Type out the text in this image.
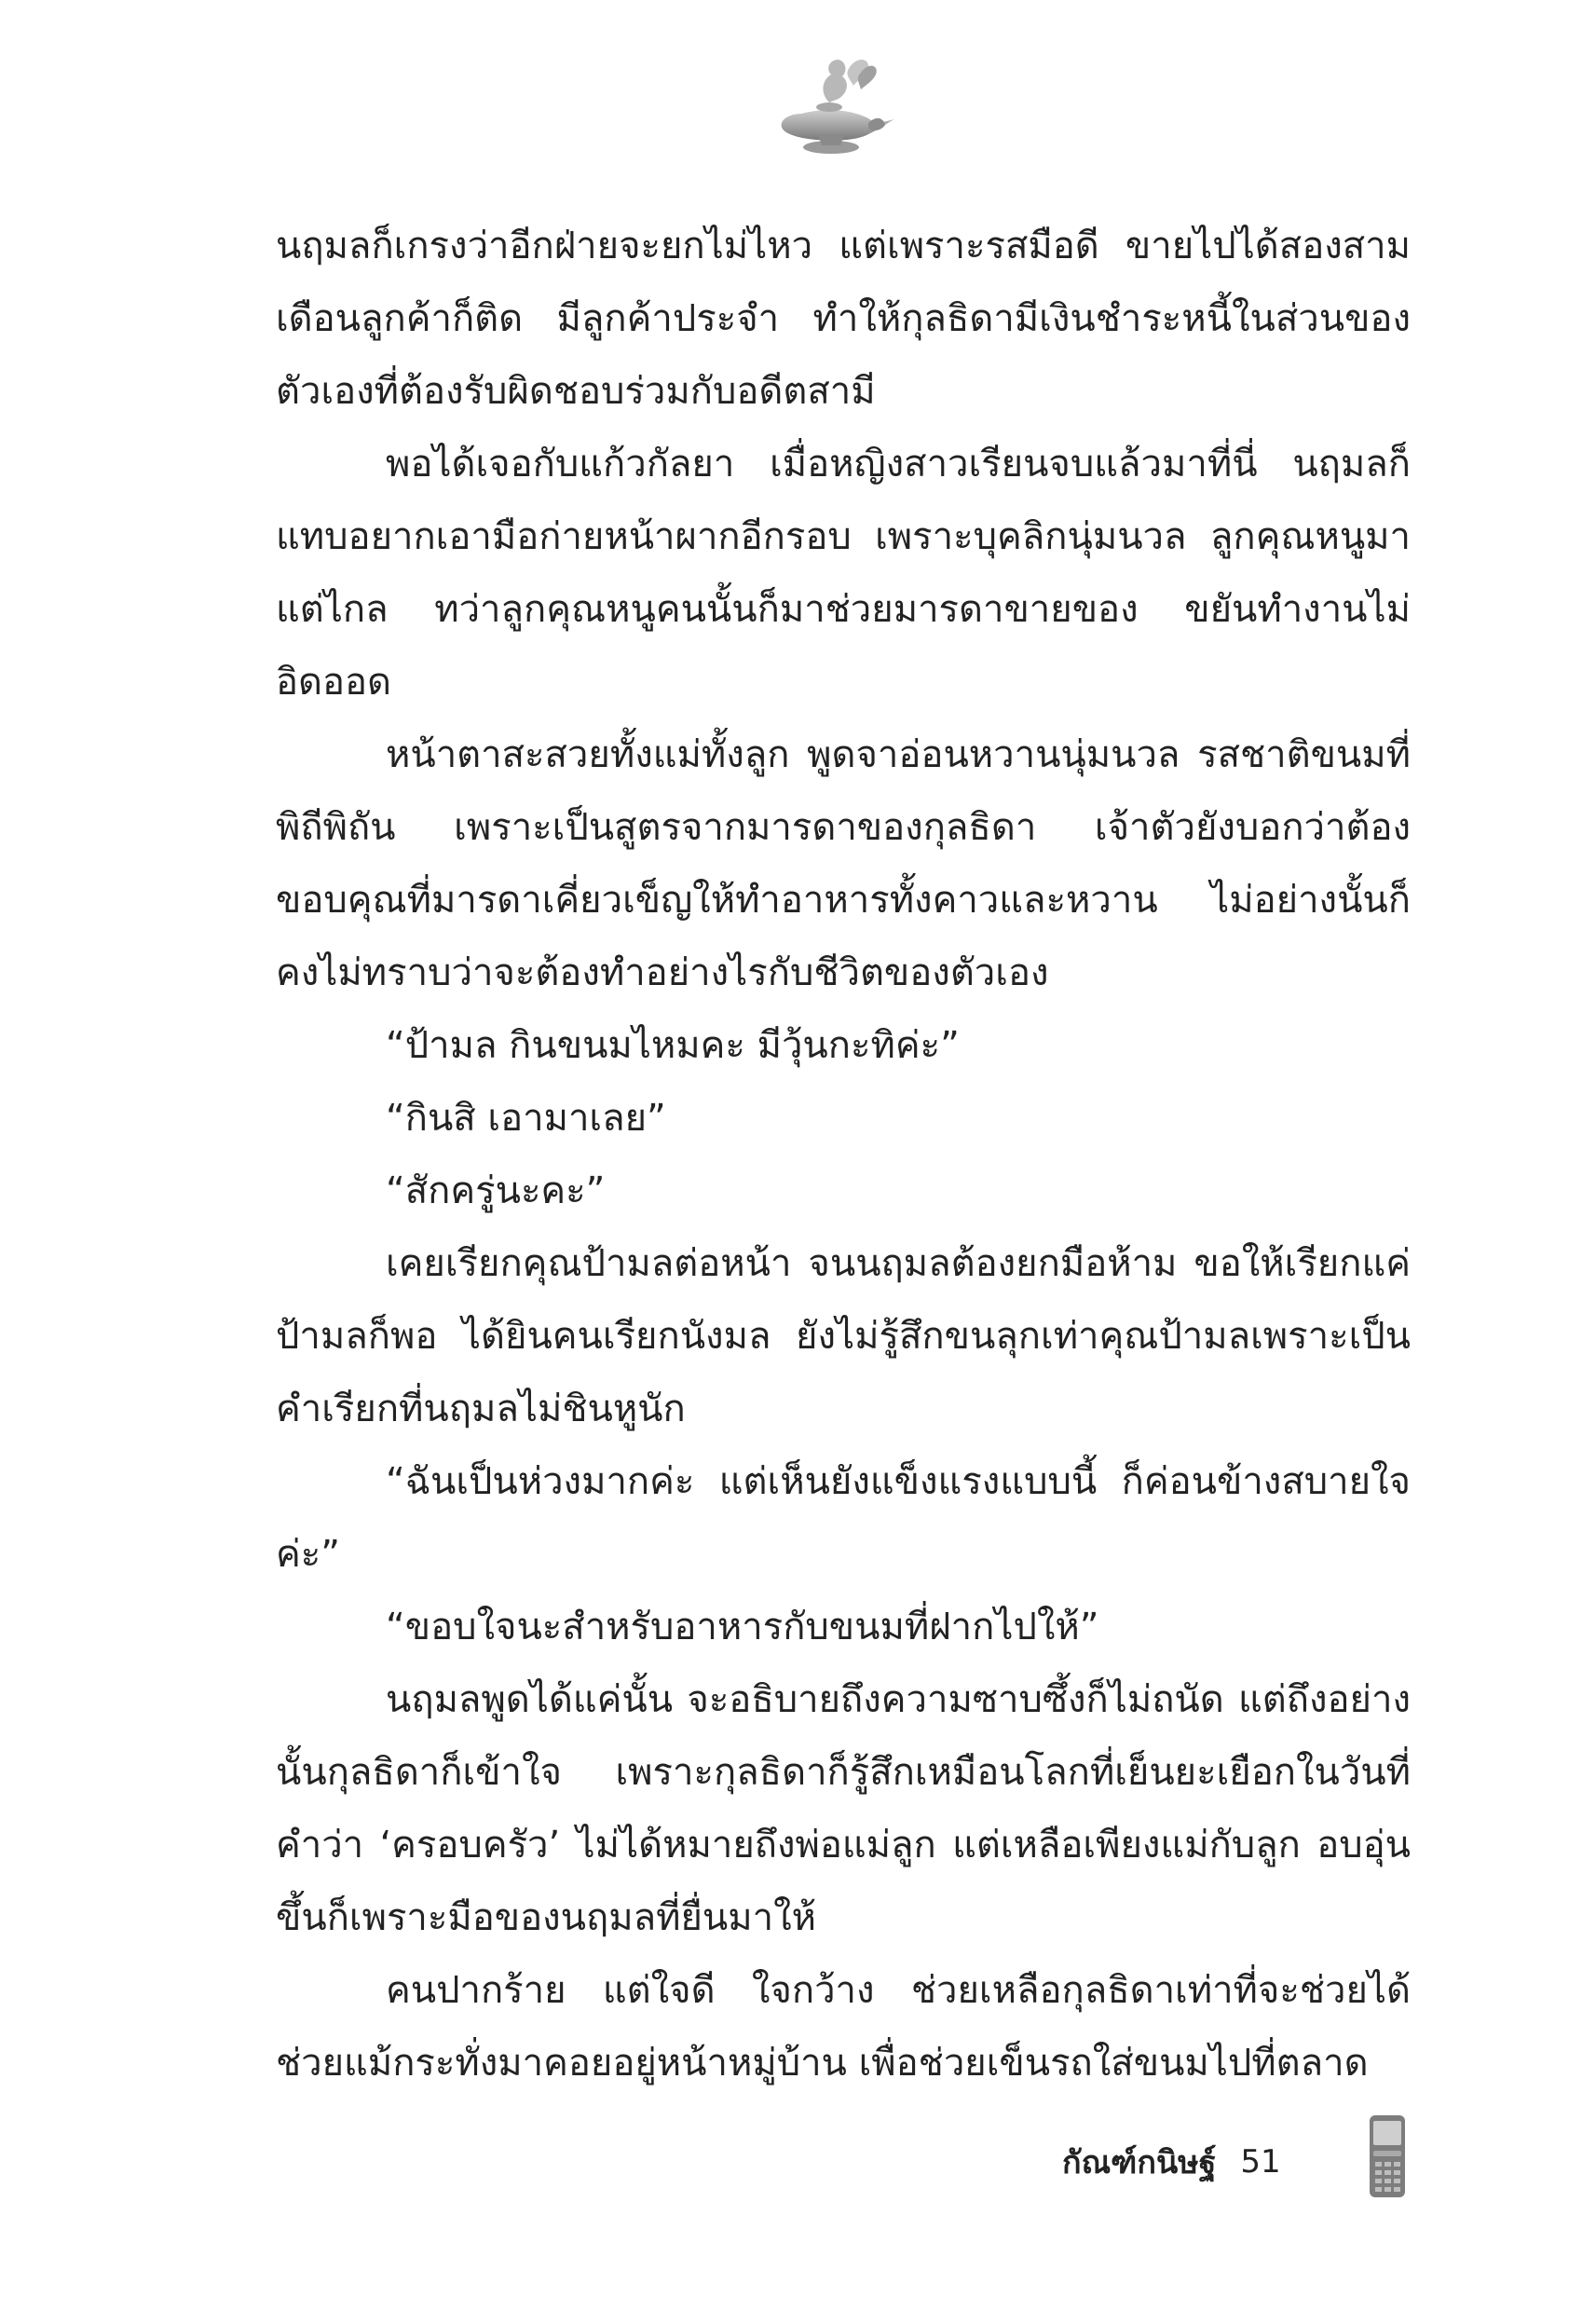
นฤมลก็เกรงว่าอีกฝ่ายจะยกไม่ไหว แต่เพราะรสมือดี ขายไปได้สองสามเดือนลูกค้าก็ติด มีลูกค้าประจำ ทำให้กุลธิดามีเงินชำระหนี้ในส่วนของตัวเองที่ต้องรับผิดชอบร่วมกับอดีตสามี

พอได้เจอกับแก้วกัลยา เมื่อหญิงสาวเรียนจบแล้วมาที่นี่ นฤมลก็แทบอยากเอามือก่ายหน้าผากอีกรอบ เพราะบุคลิกนุ่มนวล ลูกคุณหนูมาแต่ไกล ทว่าลูกคุณหนูคนนั้นก็มาช่วยมารดาขายของ ขยันทำงานไม่อิดออด

หน้าตาสะสวยทั้งแม่ทั้งลูก พูดจาอ่อนหวานนุ่มนวล รสชาติขนมที่พิถีพิถัน เพราะเป็นสูตรจากมารดาของกุลธิดา เจ้าตัวยังบอกว่าต้องขอบคุณที่มารดาเคี่ยวเข็ญให้ทำอาหารทั้งคาวและหวาน ไม่อย่างนั้นก็คงไม่ทราบว่าจะต้องทำอย่างไรกับชีวิตของตัวเอง

“ป้ามล กินขนมไหมคะ มีวุ้นกะทิค่ะ”

“กินสิ เอามาเลย”

“สักครู่นะคะ”

เคยเรียกคุณป้ามลต่อหน้า จนนฤมลต้องยกมือห้าม ขอให้เรียกแค่ป้ามลก็พอ ได้ยินคนเรียกนังมล ยังไม่รู้สึกขนลุกเท่าคุณป้ามลเพราะเป็นคำเรียกที่นฤมลไม่ชินหูนัก

“ฉันเป็นห่วงมากค่ะ แต่เห็นยังแข็งแรงแบบนี้ ก็ค่อนข้างสบายใจค่ะ”

“ขอบใจนะสำหรับอาหารกับขนมที่ฝากไปให้”

นฤมลพูดได้แค่นั้น จะอธิบายถึงความซาบซึ้งก็ไม่ถนัด แต่ถึงอย่างนั้นกุลธิดาก็เข้าใจ เพราะกุลธิดาก็รู้สึกเหมือนโลกที่เย็นยะเยือกในวันที่คำว่า ‘ครอบครัว’ ไม่ได้หมายถึงพ่อแม่ลูก แต่เหลือเพียงแม่กับลูก อบอุ่นขึ้นก็เพราะมือของนฤมลที่ยื่นมาให้

คนปากร้าย แต่ใจดี ใจกว้าง ช่วยเหลือกุลธิดาเท่าที่จะช่วยได้ ช่วยแม้กระทั่งมาคอยอยู่หน้าหมู่บ้าน เพื่อช่วยเข็นรถใส่ขนมไปที่ตลาด

กัณฑ์กนิษฐ์ 51
